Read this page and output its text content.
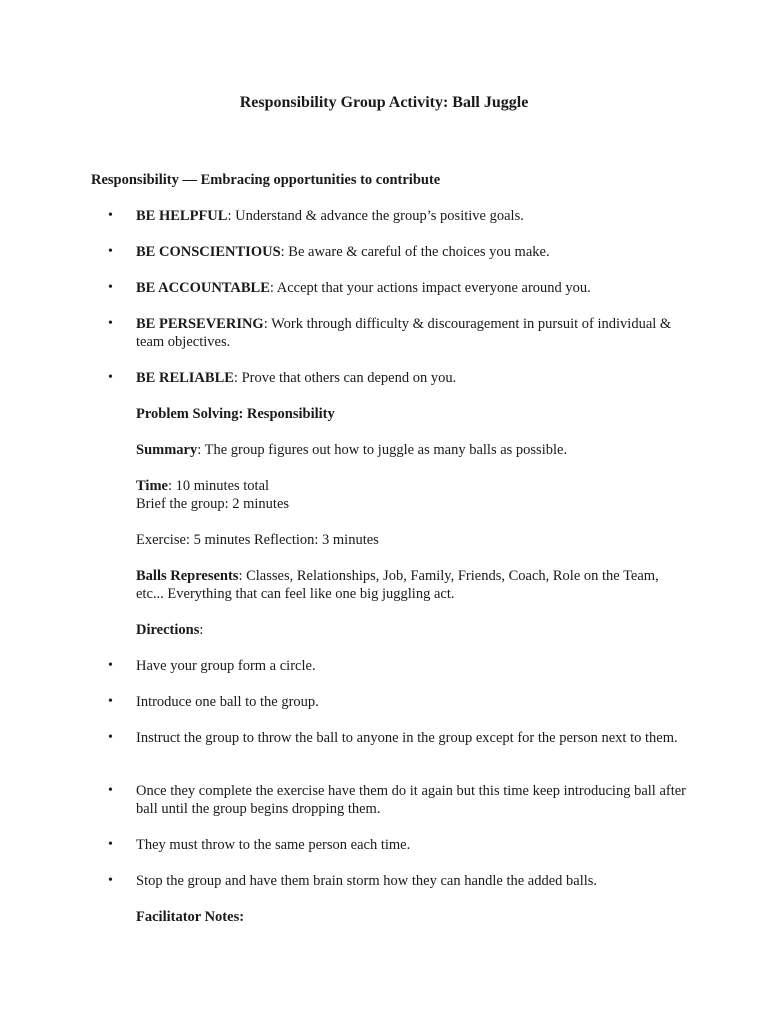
Responsibility Group Activity: Ball Juggle
Responsibility — Embracing opportunities to contribute
•	BE HELPFUL: Understand & advance the group’s positive goals.
•	BE CONSCIENTIOUS: Be aware & careful of the choices you make.
•	BE ACCOUNTABLE: Accept that your actions impact everyone around you.
•	BE PERSEVERING: Work through difficulty & discouragement in pursuit of individual & team objectives.
•	BE RELIABLE: Prove that others can depend on you.
Problem Solving: Responsibility
Summary: The group figures out how to juggle as many balls as possible.
Time: 10 minutes total
Brief the group: 2 minutes
Exercise: 5 minutes Reflection: 3 minutes
Balls Represents: Classes, Relationships, Job, Family, Friends, Coach, Role on the Team, etc... Everything that can feel like one big juggling act.
Directions:
•	Have your group form a circle.
•	Introduce one ball to the group.
•	Instruct the group to throw the ball to anyone in the group except for the person next to them.
•	Once they complete the exercise have them do it again but this time keep introducing ball after ball until the group begins dropping them.
•	They must throw to the same person each time.
•	Stop the group and have them brain storm how they can handle the added balls.
Facilitator Notes:
